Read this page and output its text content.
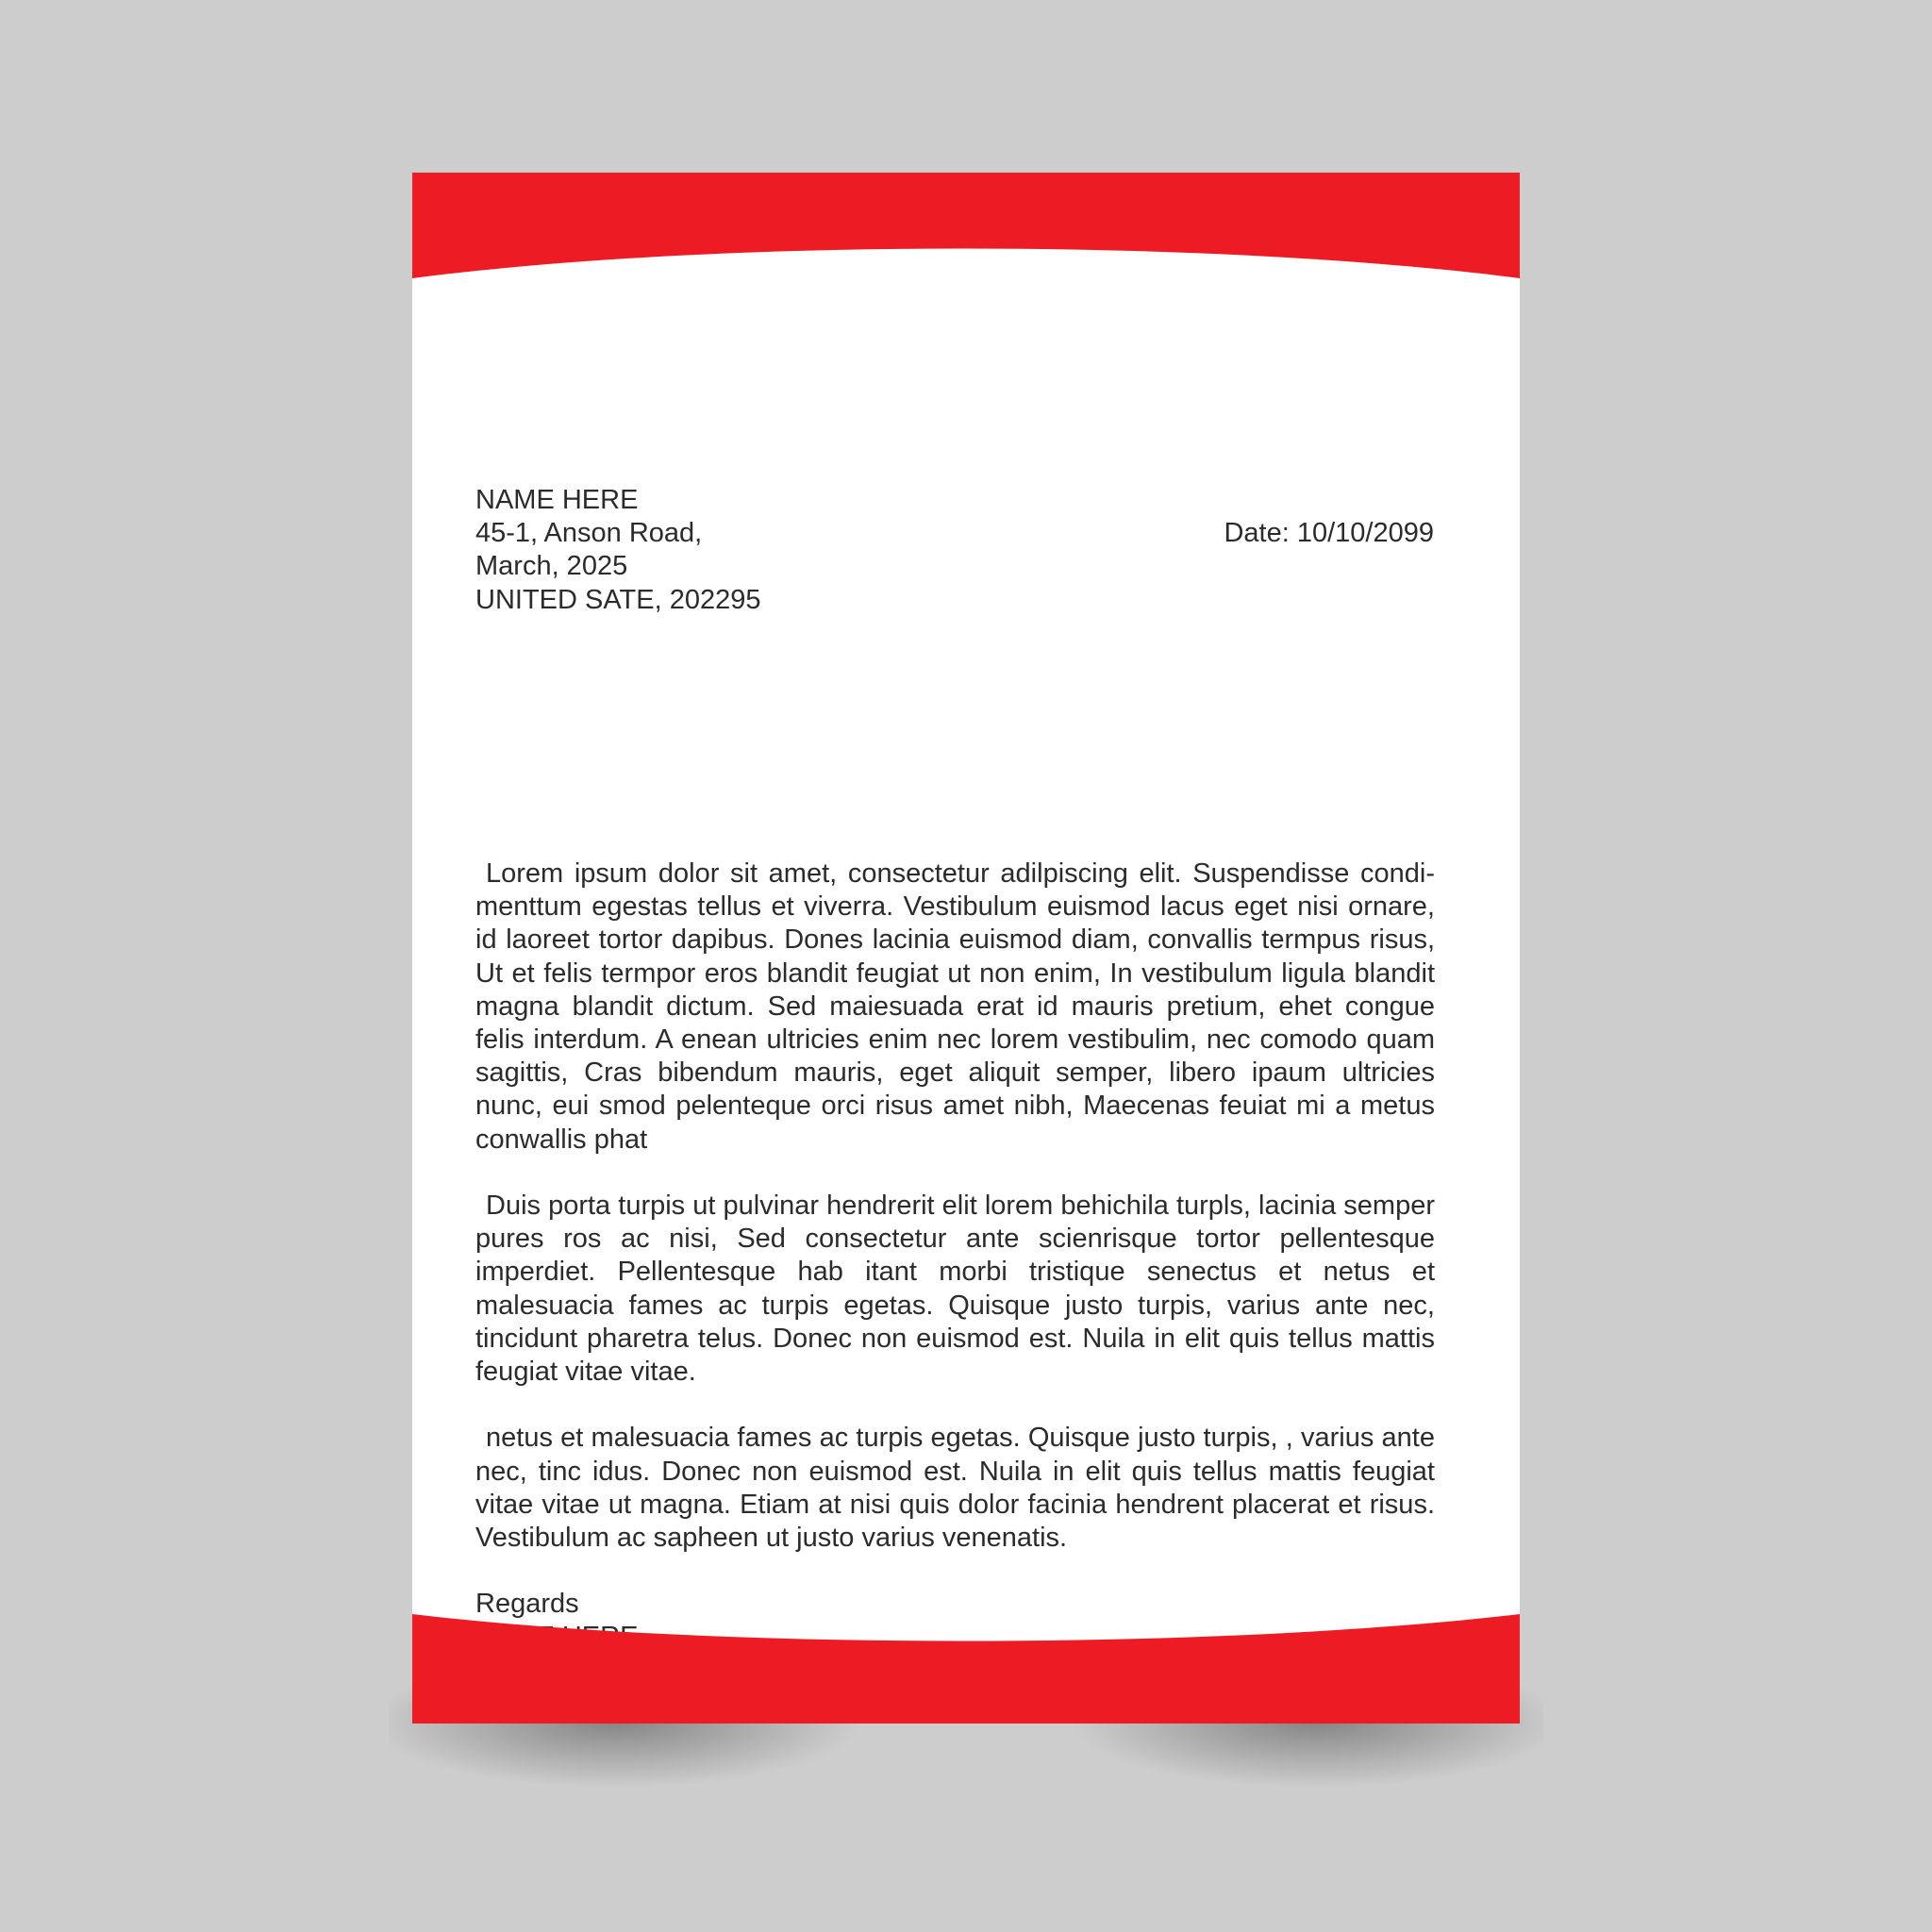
NAME HERE
45-1, Anson Road,
March, 2025
UNITED SATE, 202295
Date: 10/10/2099

Lorem ipsum dolor sit amet, consectetur adilpiscing elit. Suspendisse condimenttum egestas tellus et viverra. Vestibulum euismod lacus eget nisi ornare, id laoreet tortor dapibus. Dones lacinia euismod diam, convallis termpus risus, Ut et felis termpor eros blandit feugiat ut non enim, In vestibulum ligula blandit magna blandit dictum. Sed maiesuada erat id mauris pretium, ehet congue felis interdum. A enean ultricies enim nec lorem vestibulim, nec comodo quam sagittis, Cras bibendum mauris, eget aliquit semper, libero ipaum ultricies nunc, eui smod pelenteque orci risus amet nibh, Maecenas feuiat mi a metus conwallis phat

Duis porta turpis ut pulvinar hendrerit elit lorem behichila turpls, lacinia semper pures ros ac nisi, Sed consectetur ante scienrisque tortor pellentesque imperdiet. Pellentesque hab itant morbi tristique senectus et netus et malesuacia fames ac turpis egetas. Quisque justo turpis, varius ante nec, tincidunt pharetra telus. Donec non euismod est. Nuila in elit quis tellus mattis feugiat vitae vitae.

netus et malesuacia fames ac turpis egetas. Quisque justo turpis, , varius ante nec, tinc idus. Donec non euismod est. Nuila in elit quis tellus mattis feugiat vitae vitae ut magna. Etiam at nisi quis dolor facinia hendrent placerat et risus. Vestibulum ac sapheen ut justo varius venenatis.

Regards
